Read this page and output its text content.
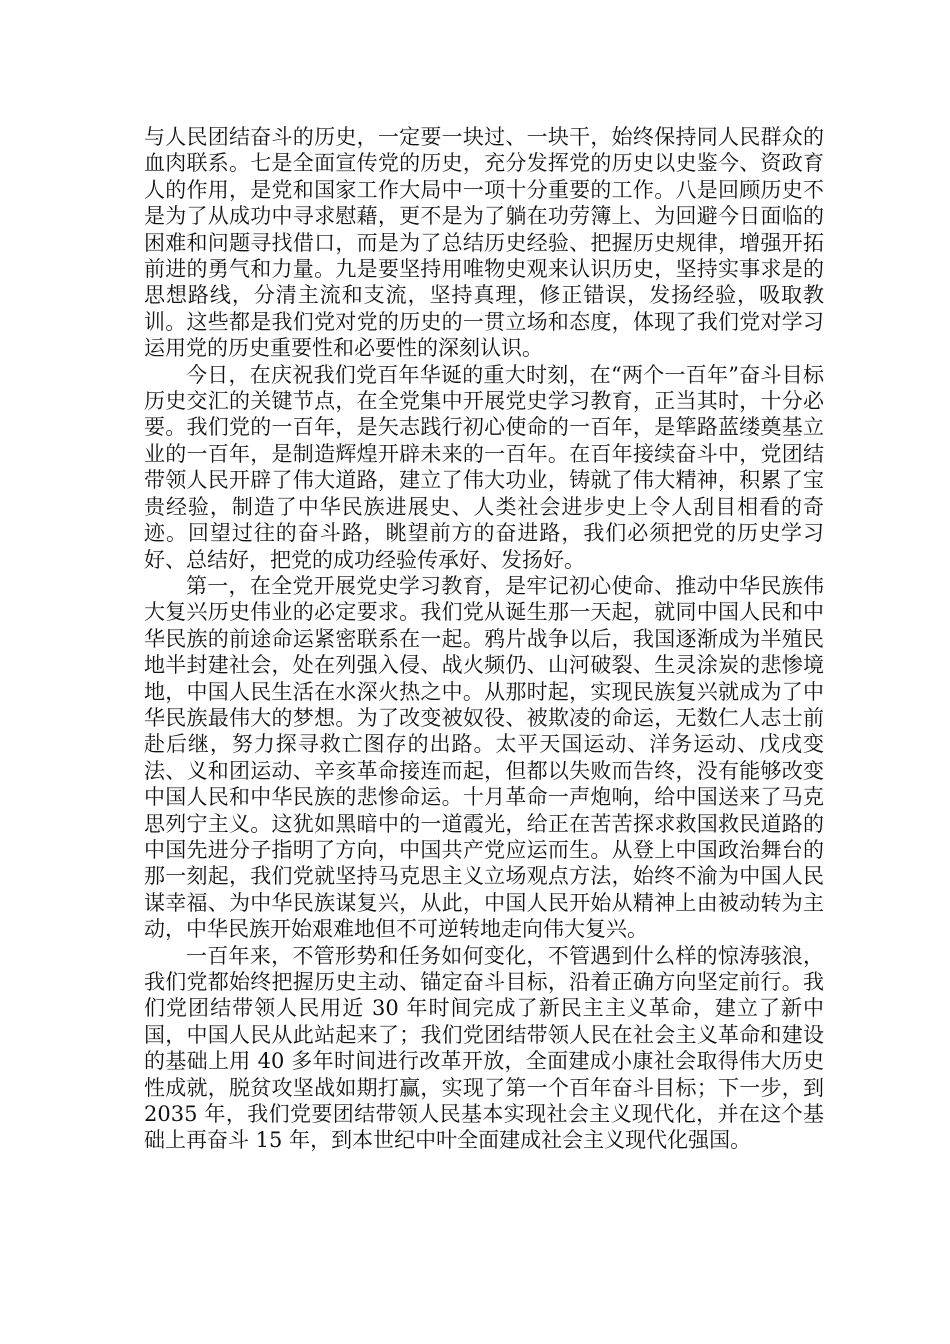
与人民团结奋斗的历史，一定要一块过、一块干，始终保持同人民群众的血肉联系。七是全面宣传党的历史，充分发挥党的历史以史鉴今、资政育人的作用，是党和国家工作大局中一项十分重要的工作。八是回顾历史不是为了从成功中寻求慰藉，更不是为了躺在功劳簿上、为回避今日面临的困难和问题寻找借口，而是为了总结历史经验、把握历史规律，增强开拓前进的勇气和力量。九是要坚持用唯物史观来认识历史，坚持实事求是的思想路线，分清主流和支流，坚持真理，修正错误，发扬经验，吸取教训。这些都是我们党对党的历史的一贯立场和态度，体现了我们党对学习运用党的历史重要性和必要性的深刻认识。

今日，在庆祝我们党百年华诞的重大时刻，在“两个一百年”奋斗目标历史交汇的关键节点，在全党集中开展党史学习教育，正当其时，十分必要。我们党的一百年，是矢志践行初心使命的一百年，是筚路蓝缕奠基立业的一百年，是制造辉煌开辟未来的一百年。在百年接续奋斗中，党团结带领人民开辟了伟大道路，建立了伟大功业，铸就了伟大精神，积累了宝贵经验，制造了中华民族进展史、人类社会进步史上令人刮目相看的奇迹。回望过往的奋斗路，眺望前方的奋进路，我们必须把党的历史学习好、总结好，把党的成功经验传承好、发扬好。

第一，在全党开展党史学习教育，是牢记初心使命、推动中华民族伟大复兴历史伟业的必定要求。我们党从诞生那一天起，就同中国人民和中华民族的前途命运紧密联系在一起。鸦片战争以后，我国逐渐成为半殖民地半封建社会，处在列强入侵、战火频仍、山河破裂、生灵涂炭的悲惨境地，中国人民生活在水深火热之中。从那时起，实现民族复兴就成为了中华民族最伟大的梦想。为了改变被奴役、被欺凌的命运，无数仁人志士前赴后继，努力探寻救亡图存的出路。太平天国运动、洋务运动、戊戌变法、义和团运动、辛亥革命接连而起，但都以失败而告终，没有能够改变中国人民和中华民族的悲惨命运。十月革命一声炮响，给中国送来了马克思列宁主义。这犹如黑暗中的一道霞光，给正在苦苦探求救国救民道路的中国先进分子指明了方向，中国共产党应运而生。从登上中国政治舞台的那一刻起，我们党就坚持马克思主义立场观点方法，始终不渝为中国人民谋幸福、为中华民族谋复兴，从此，中国人民开始从精神上由被动转为主动，中华民族开始艰难地但不可逆转地走向伟大复兴。

一百年来，不管形势和任务如何变化，不管遇到什么样的惊涛骇浪，我们党都始终把握历史主动、锚定奋斗目标，沿着正确方向坚定前行。我们党团结带领人民用近 30 年时间完成了新民主主义革命，建立了新中国，中国人民从此站起来了；我们党团结带领人民在社会主义革命和建设的基础上用 40 多年时间进行改革开放，全面建成小康社会取得伟大历史性成就，脱贫攻坚战如期打赢，实现了第一个百年奋斗目标；下一步，到 2035 年，我们党要团结带领人民基本实现社会主义现代化，并在这个基础上再奋斗 15 年，到本世纪中叶全面建成社会主义现代化强国。
